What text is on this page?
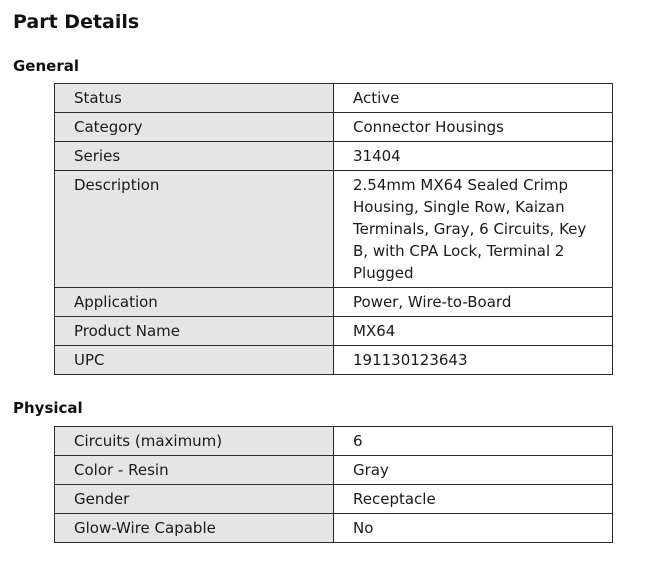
Part Details
General
Status	Active
Category	Connector Housings
Series	31404
Description	2.54mm MX64 Sealed Crimp Housing, Single Row, Kaizan Terminals, Gray, 6 Circuits, Key B, with CPA Lock, Terminal 2 Plugged
Application	Power, Wire-to-Board
Product Name	MX64
UPC	191130123643
Physical
Circuits (maximum)	6
Color - Resin	Gray
Gender	Receptacle
Glow-Wire Capable	No
